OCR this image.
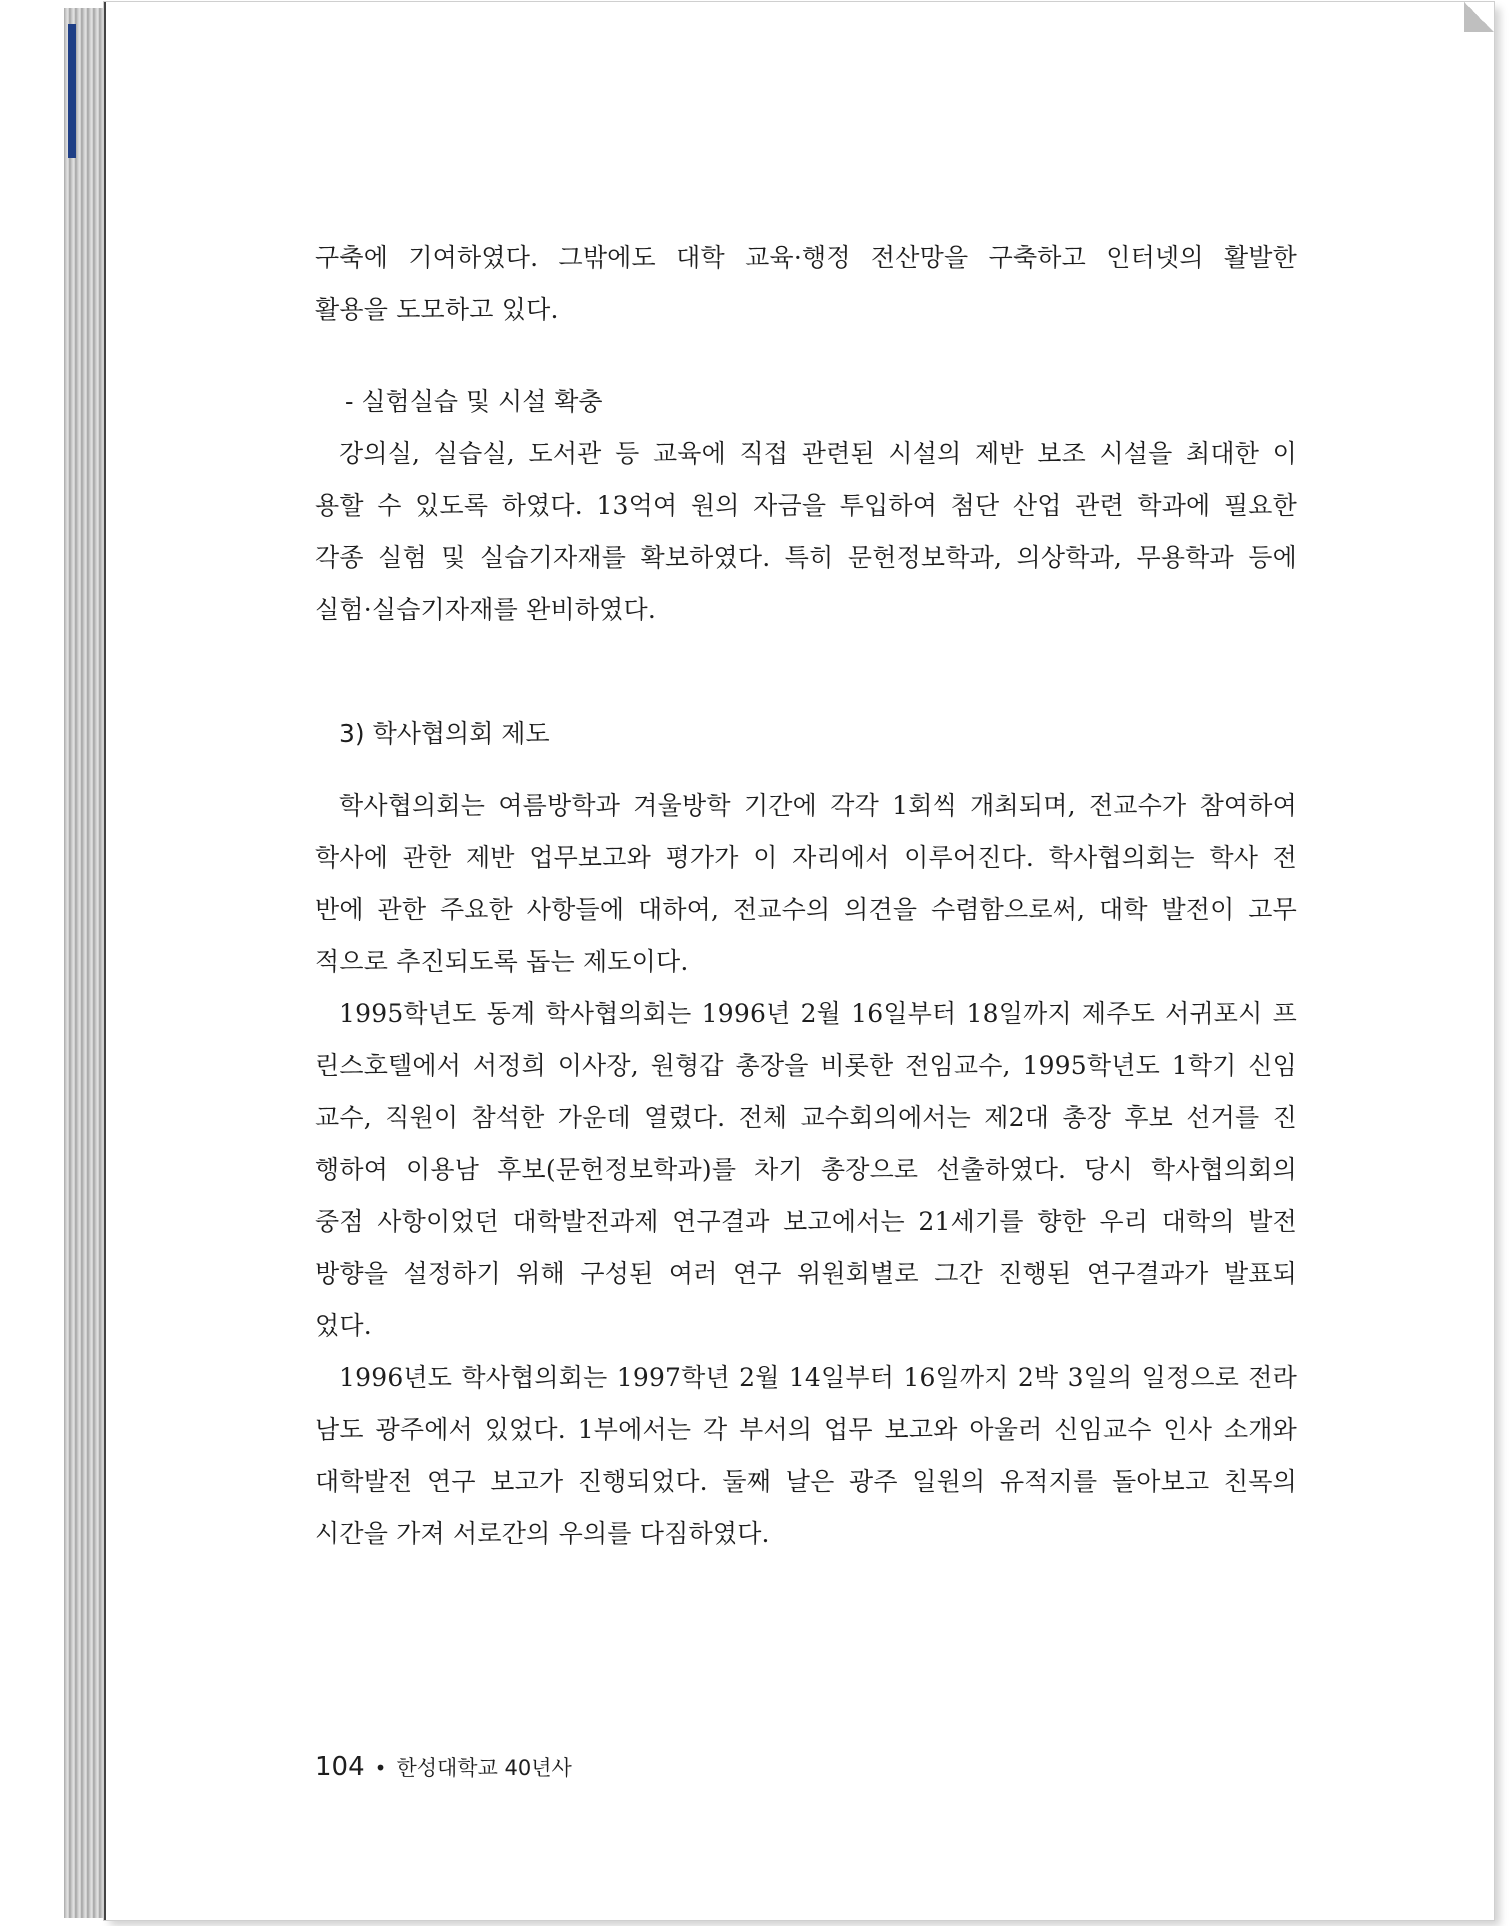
구축에 기여하였다. 그밖에도 대학 교육·행정 전산망을 구축하고 인터넷의 활발한
활용을 도모하고 있다.
- 실험실습 및 시설 확충
강의실, 실습실, 도서관 등 교육에 직접 관련된 시설의 제반 보조 시설을 최대한 이
용할 수 있도록 하였다. 13억여 원의 자금을 투입하여 첨단 산업 관련 학과에 필요한
각종 실험 및 실습기자재를 확보하였다. 특히 문헌정보학과, 의상학과, 무용학과 등에
실험·실습기자재를 완비하였다.
3) 학사협의회 제도
학사협의회는 여름방학과 겨울방학 기간에 각각 1회씩 개최되며, 전교수가 참여하여
학사에 관한 제반 업무보고와 평가가 이 자리에서 이루어진다. 학사협의회는 학사 전
반에 관한 주요한 사항들에 대하여, 전교수의 의견을 수렴함으로써, 대학 발전이 고무
적으로 추진되도록 돕는 제도이다.
1995학년도 동계 학사협의회는 1996년 2월 16일부터 18일까지 제주도 서귀포시 프
린스호텔에서 서정희 이사장, 원형갑 총장을 비롯한 전임교수, 1995학년도 1학기 신임
교수, 직원이 참석한 가운데 열렸다. 전체 교수회의에서는 제2대 총장 후보 선거를 진
행하여 이용남 후보(문헌정보학과)를 차기 총장으로 선출하였다. 당시 학사협의회의
중점 사항이었던 대학발전과제 연구결과 보고에서는 21세기를 향한 우리 대학의 발전
방향을 설정하기 위해 구성된 여러 연구 위원회별로 그간 진행된 연구결과가 발표되
었다.
1996년도 학사협의회는 1997학년 2월 14일부터 16일까지 2박 3일의 일정으로 전라
남도 광주에서 있었다. 1부에서는 각 부서의 업무 보고와 아울러 신임교수 인사 소개와
대학발전 연구 보고가 진행되었다. 둘째 날은 광주 일원의 유적지를 돌아보고 친목의
시간을 가져 서로간의 우의를 다짐하였다.
104 • 한성대학교 40년사
